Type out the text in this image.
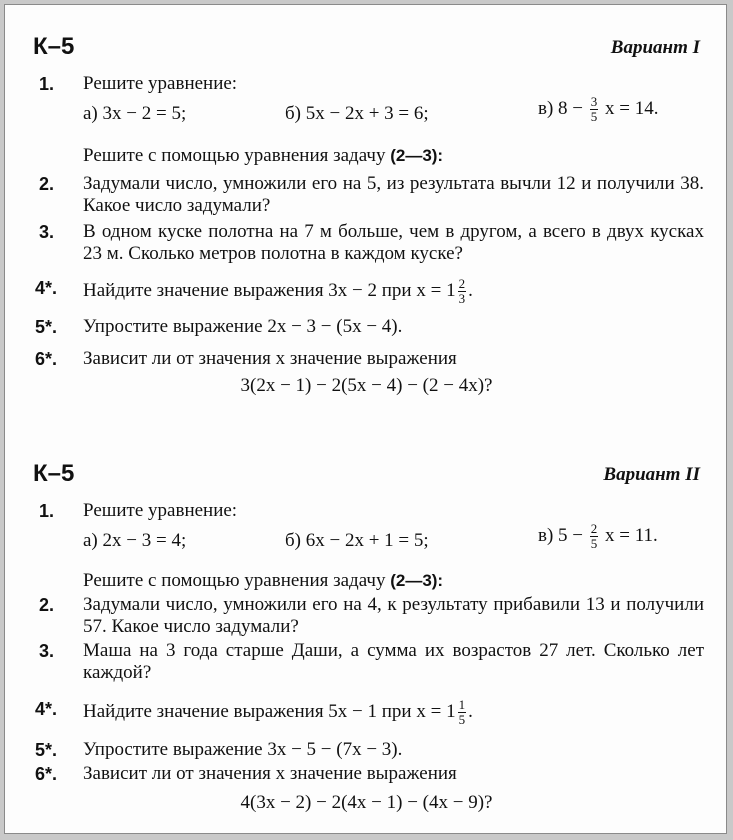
К–5	Вариант I
1. Решите уравнение:
а) 3x − 2 = 5;	б) 5x − 2x + 3 = 6;	в) $8 - \frac{3}{5}$ x = 14.
Решите с помощью уравнения задачу (2—3):
2. Задумали число, умножили его на 5, из результата вычли 12 и получили 38. Какое число задумали?
3. В одном куске полотна на 7 м больше, чем в другом, а всего в двух кусках 23 м. Сколько метров полотна в каждом куске?
4*. Найдите значение выражения 3x − 2 при $x = 1 \frac{2}{3}$ .
5*. Упростите выражение 2x − 3 − (5x − 4).
6*. Зависит ли от значения x значение выражения
3(2x − 1) − 2(5x − 4) − (2 − 4x)?
К–5	Вариант II
1. Решите уравнение:
а) 2x − 3 = 4;	б) 6x − 2x + 1 = 5;	в) $5 - \frac{2}{5}$ x = 11.
Решите с помощью уравнения задачу (2—3):
2. Задумали число, умножили его на 4, к результату прибавили 13 и получили 57. Какое число задумали?
3. Маша на 3 года старше Даши, а сумма их возрастов 27 лет. Сколько лет каждой?
4*. Найдите значение выражения 5x − 1 при $x = 1 \frac{1}{5}$ .
5*. Упростите выражение 3x − 5 − (7x − 3).
6*. Зависит ли от значения x значение выражения
4(3x − 2) − 2(4x − 1) − (4x − 9)?
